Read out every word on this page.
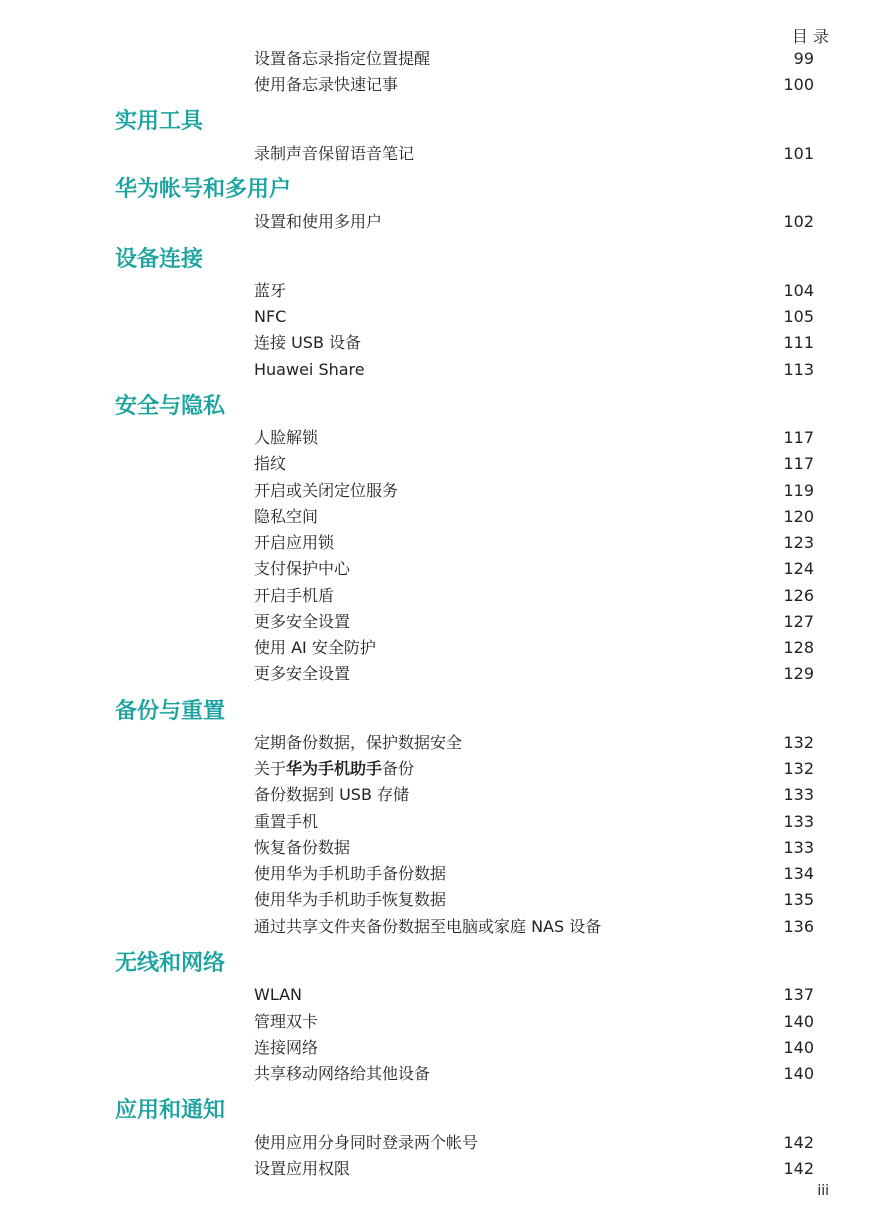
目 录
设置备忘录指定位置提醒	99
使用备忘录快速记事	100
实用工具
录制声音保留语音笔记	101
华为帐号和多用户
设置和使用多用户	102
设备连接
蓝牙	104
NFC	105
连接 USB 设备	111
Huawei Share	113
安全与隐私
人脸解锁	117
指纹	117
开启或关闭定位服务	119
隐私空间	120
开启应用锁	123
支付保护中心	124
开启手机盾	126
更多安全设置	127
使用 AI 安全防护	128
更多安全设置	129
备份与重置
定期备份数据，保护数据安全	132
关于华为手机助手备份	132
备份数据到 USB 存储	133
重置手机	133
恢复备份数据	133
使用华为手机助手备份数据	134
使用华为手机助手恢复数据	135
通过共享文件夹备份数据至电脑或家庭 NAS 设备	136
无线和网络
WLAN	137
管理双卡	140
连接网络	140
共享移动网络给其他设备	140
应用和通知
使用应用分身同时登录两个帐号	142
设置应用权限	142
iii
